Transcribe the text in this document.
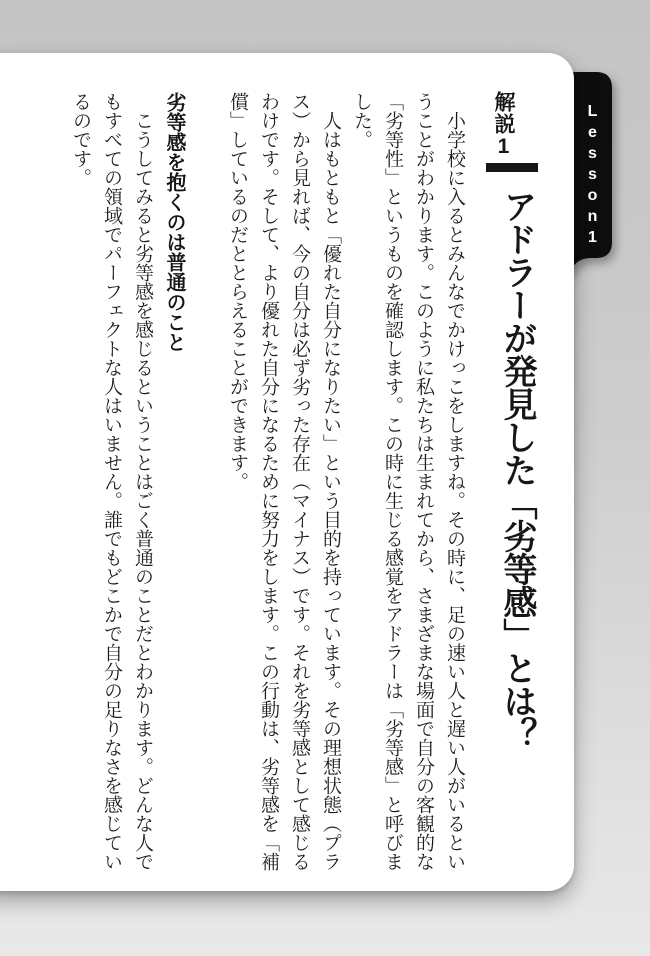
Lesson1
解説1
アドラーが発見した「劣等感」とは？

小学校に入るとみんなでかけっこをしますね。その時に、足の速い人と遅い人がいるということがわかります。このように私たちは生まれてから、さまざまな場面で自分の客観的な「劣等性」というものを確認します。この時に生じる感覚をアドラーは「劣等感」と呼びました。

人はもともと「優れた自分になりたい」という目的を持っています。その理想状態（プラス）から見れば、今の自分は必ず劣った存在（マイナス）です。それを劣等感として感じるわけです。そして、より優れた自分になるために努力をします。この行動は、劣等感を「補償」しているのだととらえることができます。

劣等感を抱くのは普通のこと

こうしてみると劣等感を感じるということはごく普通のことだとわかります。どんな人でもすべての領域でパーフェクトな人はいません。誰でもどこかで自分の足りなさを感じているのです。
